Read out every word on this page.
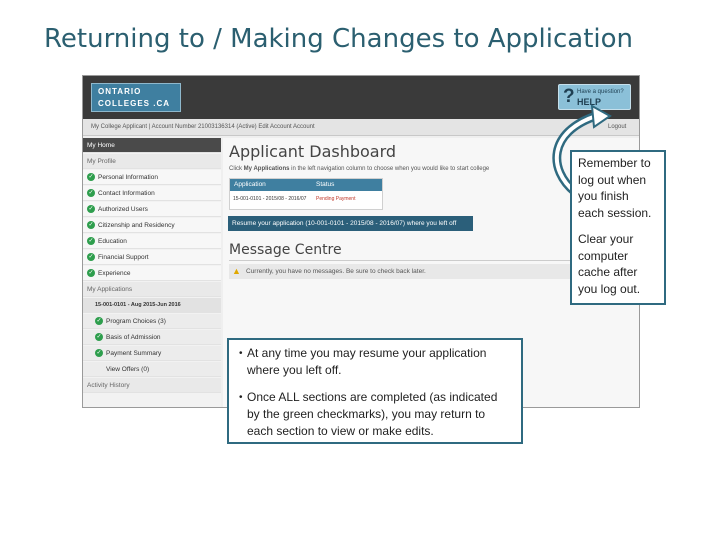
Returning to / Making Changes to Application
ONTARIO
COLLEGES .CA	? Have a question?
HELP
My College Applicant | Account Number 21003136314 (Active) Edit Account Account	Logout
My Home
My Profile
✓ Personal Information
✓ Contact Information
✓ Authorized Users
✓ Citizenship and Residency
✓ Education
✓ Financial Support
✓ Experience
My Applications
15-001-0101 - Aug 2015-Jun 2016
✓ Program Choices (3)
✓ Basis of Admission
✓ Payment Summary
View Offers (0)
Activity History
Applicant Dashboard
Click My Applications in the left navigation column to choose when you would like to start college
Application	Status
15-001-0101 - 2015/08 - 2016/07 Pending Payment
Resume your application (10-001-0101 - 2015/08 - 2016/07) where you left off
Message Centre
▲ Currently, you have no messages. Be sure to check back later.

Remember to log out when you finish each session.

Clear your computer cache after you log out.

• At any time you may resume your application where you left off.
• Once ALL sections are completed (as indicated by the green checkmarks), you may return to each section to view or make edits.
